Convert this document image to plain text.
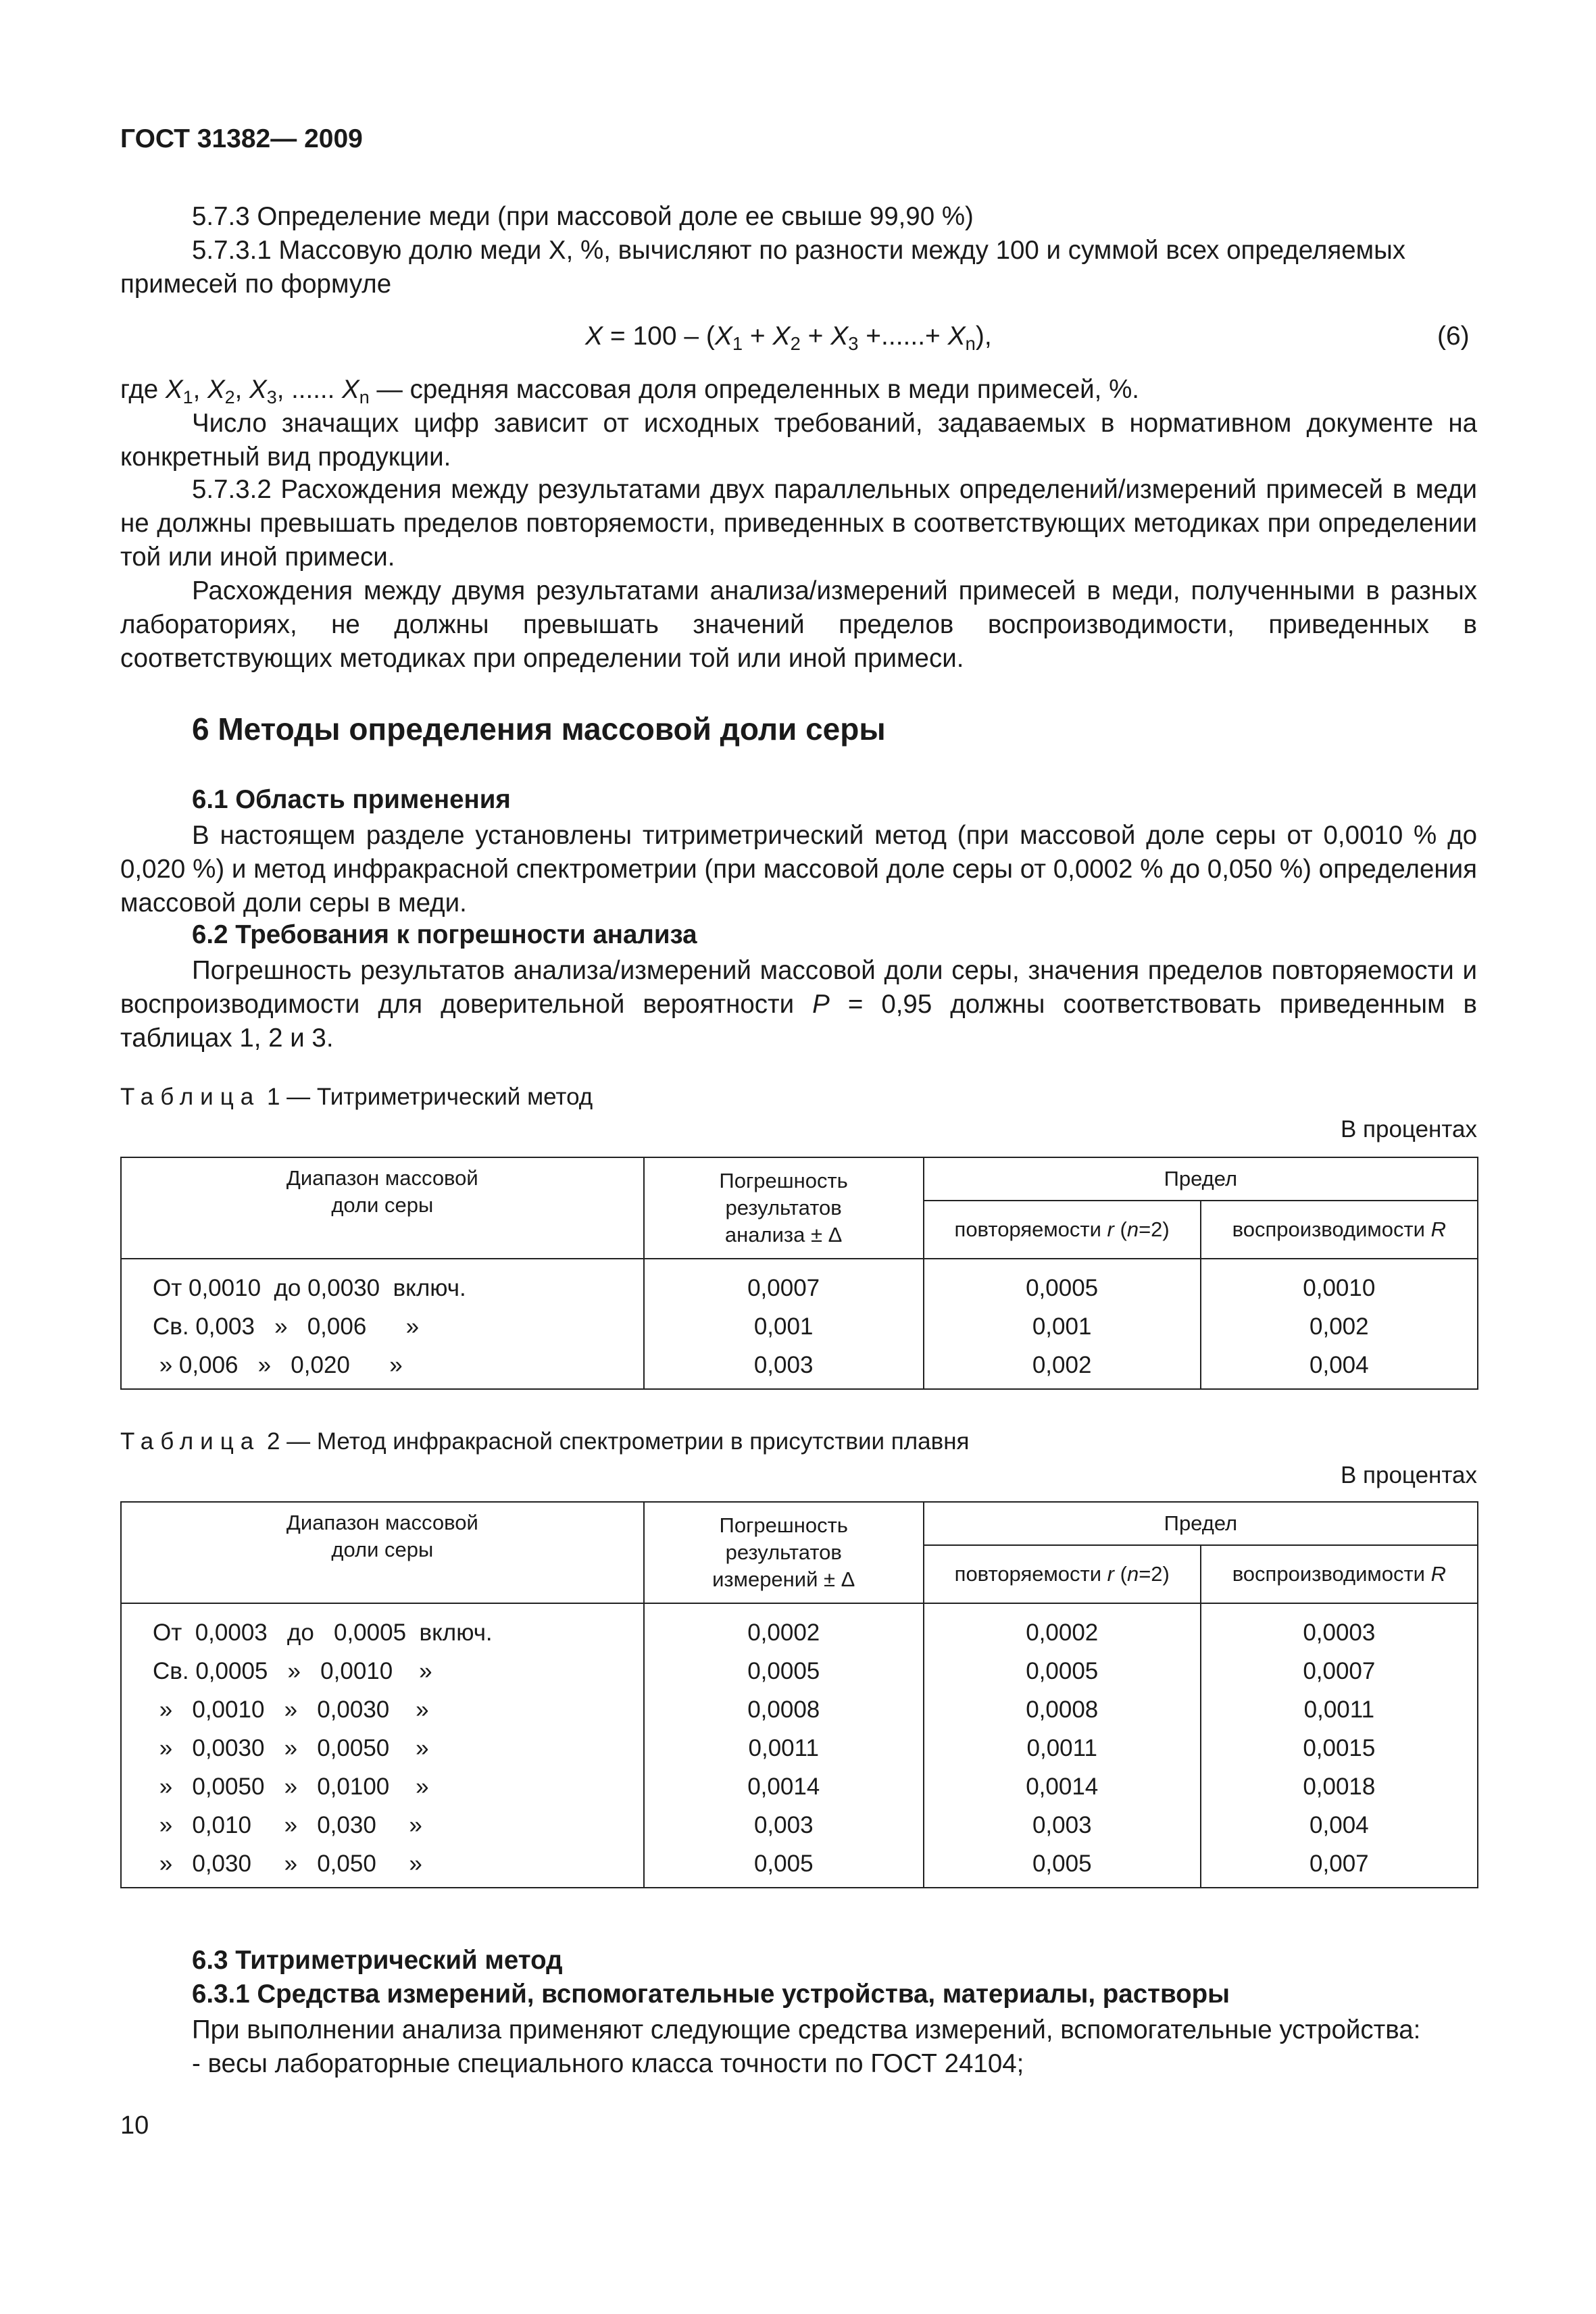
ГОСТ 31382— 2009
5.7.3 Определение меди (при массовой доле ее свыше 99,90 %)
5.7.3.1 Массовую долю меди X, %, вычисляют по разности между 100 и суммой всех определяемых примесей по формуле
$X = 100 - (X_1 + X_2 + X_3$ +......+ $X_n$),	(6)
где $X_1$, $X_2$, $X_3$, ...... $X_n$ — средняя массовая доля определенных в меди примесей, %.
Число значащих цифр зависит от исходных требований, задаваемых в нормативном документе на конкретный вид продукции.
5.7.3.2 Расхождения между результатами двух параллельных определений/измерений примесей в меди не должны превышать пределов повторяемости, приведенных в соответствующих методиках при определении той или иной примеси.
Расхождения между двумя результатами анализа/измерений примесей в меди, полученными в разных лабораториях, не должны превышать значений пределов воспроизводимости, приведенных в соответствующих методиках при определении той или иной примеси.
6 Методы определения массовой доли серы
6.1 Область применения
В настоящем разделе установлены титриметрический метод (при массовой доле серы от 0,0010 % до 0,020 %) и метод инфракрасной спектрометрии (при массовой доле серы от 0,0002 % до 0,050 %) определения массовой доли серы в меди.
6.2 Требования к погрешности анализа
Погрешность результатов анализа/измерений массовой доли серы, значения пределов повторяемости и воспроизводимости для доверительной вероятности P = 0,95 должны соответствовать приведенным в таблицах 1, 2 и 3.
Таблица 1 — Титриметрический метод
В процентах
Диапазон массовой доли серы	Погрешность результатов анализа ± Δ	Предел	
		повторяемости r (n=2)	воспроизводимости R
От 0,0010  до 0,0030  включ.	0,0007	0,0005	0,0010
Св. 0,003   »   0,006      »	0,001	0,001	0,002
» 0,006   »   0,020      »	0,003	0,002	0,004
Таблица 2 — Метод инфракрасной спектрометрии в присутствии плавня
В процентах
Диапазон массовой доли серы	Погрешность результатов измерений ± Δ	Предел	
		повторяемости r (n=2)	воспроизводимости R
От  0,0003   до   0,0005  включ.	0,0002	0,0002	0,0003
Св. 0,0005   »   0,0010    »	0,0005	0,0005	0,0007
»   0,0010   »   0,0030    »	0,0008	0,0008	0,0011
»   0,0030   »   0,0050    »	0,0011	0,0011	0,0015
»   0,0050   »   0,0100    »	0,0014	0,0014	0,0018
»   0,010     »   0,030     »	0,003	0,003	0,004
»   0,030     »   0,050     »	0,005	0,005	0,007
6.3 Титриметрический метод
6.3.1 Средства измерений, вспомогательные устройства, материалы, растворы
При выполнении анализа применяют следующие средства измерений, вспомогательные устройства:
- весы лабораторные специального класса точности по ГОСТ 24104;
10
